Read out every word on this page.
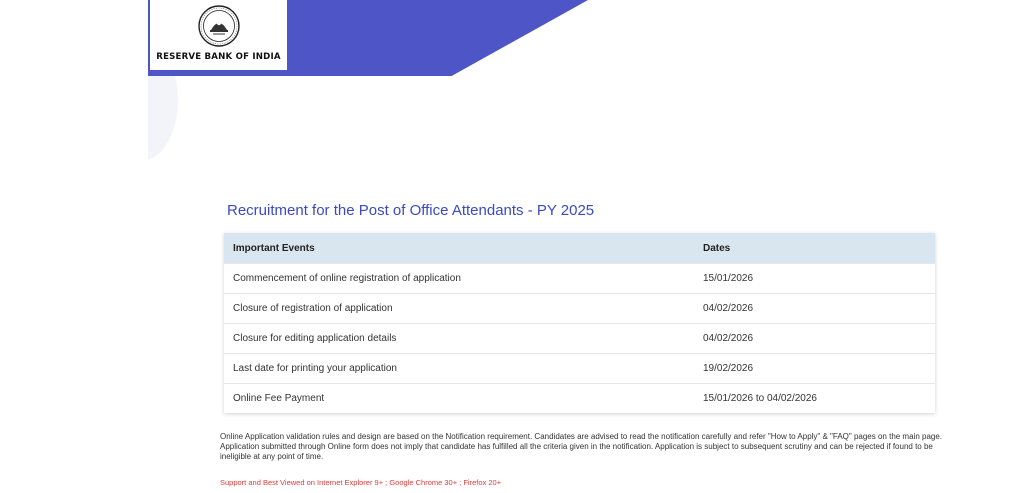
RESERVE BANK OF INDIA
Recruitment for the Post of Office Attendants - PY 2025
Important Events	Dates
Commencement of online registration of application	15/01/2026
Closure of registration of application	04/02/2026
Closure for editing application details	04/02/2026
Last date for printing your application	19/02/2026
Online Fee Payment	15/01/2026 to 04/02/2026

Online Application validation rules and design are based on the Notification requirement. Candidates are advised to read the notification carefully and refer "How to Apply" & "FAQ" pages on the main page. Application submitted through Online form does not imply that candidate has fulfilled all the criteria given in the notification. Application is subject to subsequent scrutiny and can be rejected if found to be ineligible at any point of time.

Support and Best Viewed on Internet Explorer 9+ ; Google Chrome 30+ ; Firefox 20+
